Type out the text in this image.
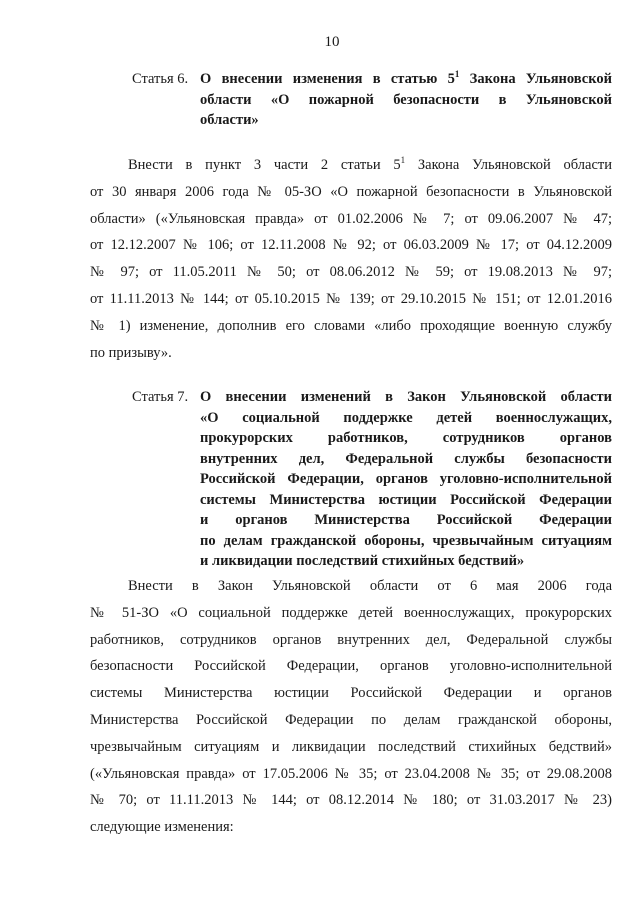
10
Статья 6. О внесении изменения в статью $5^1$ Закона Ульяновской
области «О пожарной безопасности в Ульяновской
области»
Внести в пункт 3 части 2 статьи $5^1$ Закона Ульяновской области
от 30 января 2006 года № 05-ЗО «О пожарной безопасности в Ульяновской
области» («Ульяновская правда» от 01.02.2006 № 7; от 09.06.2007 № 47;
от 12.12.2007 № 106; от 12.11.2008 № 92; от 06.03.2009 № 17; от 04.12.2009
№ 97; от 11.05.2011 № 50; от 08.06.2012 № 59; от 19.08.2013 № 97;
от 11.11.2013 № 144; от 05.10.2015 № 139; от 29.10.2015 № 151; от 12.01.2016
№ 1) изменение, дополнив его словами «либо проходящие военную службу
по призыву».
Статья 7. О внесении изменений в Закон Ульяновской области
«О социальной поддержке детей военнослужащих,
прокурорских работников, сотрудников органов
внутренних дел, Федеральной службы безопасности
Российской Федерации, органов уголовно-исполнительной
системы Министерства юстиции Российской Федерации
и органов Министерства Российской Федерации
по делам гражданской обороны, чрезвычайным ситуациям
и ликвидации последствий стихийных бедствий»
Внести в Закон Ульяновской области от 6 мая 2006 года
№ 51-ЗО «О социальной поддержке детей военнослужащих, прокурорских
работников, сотрудников органов внутренних дел, Федеральной службы
безопасности Российской Федерации, органов уголовно-исполнительной
системы Министерства юстиции Российской Федерации и органов
Министерства Российской Федерации по делам гражданской обороны,
чрезвычайным ситуациям и ликвидации последствий стихийных бедствий»
(«Ульяновская правда» от 17.05.2006 № 35; от 23.04.2008 № 35; от 29.08.2008
№ 70; от 11.11.2013 № 144; от 08.12.2014 № 180; от 31.03.2017 № 23)
следующие изменения:
